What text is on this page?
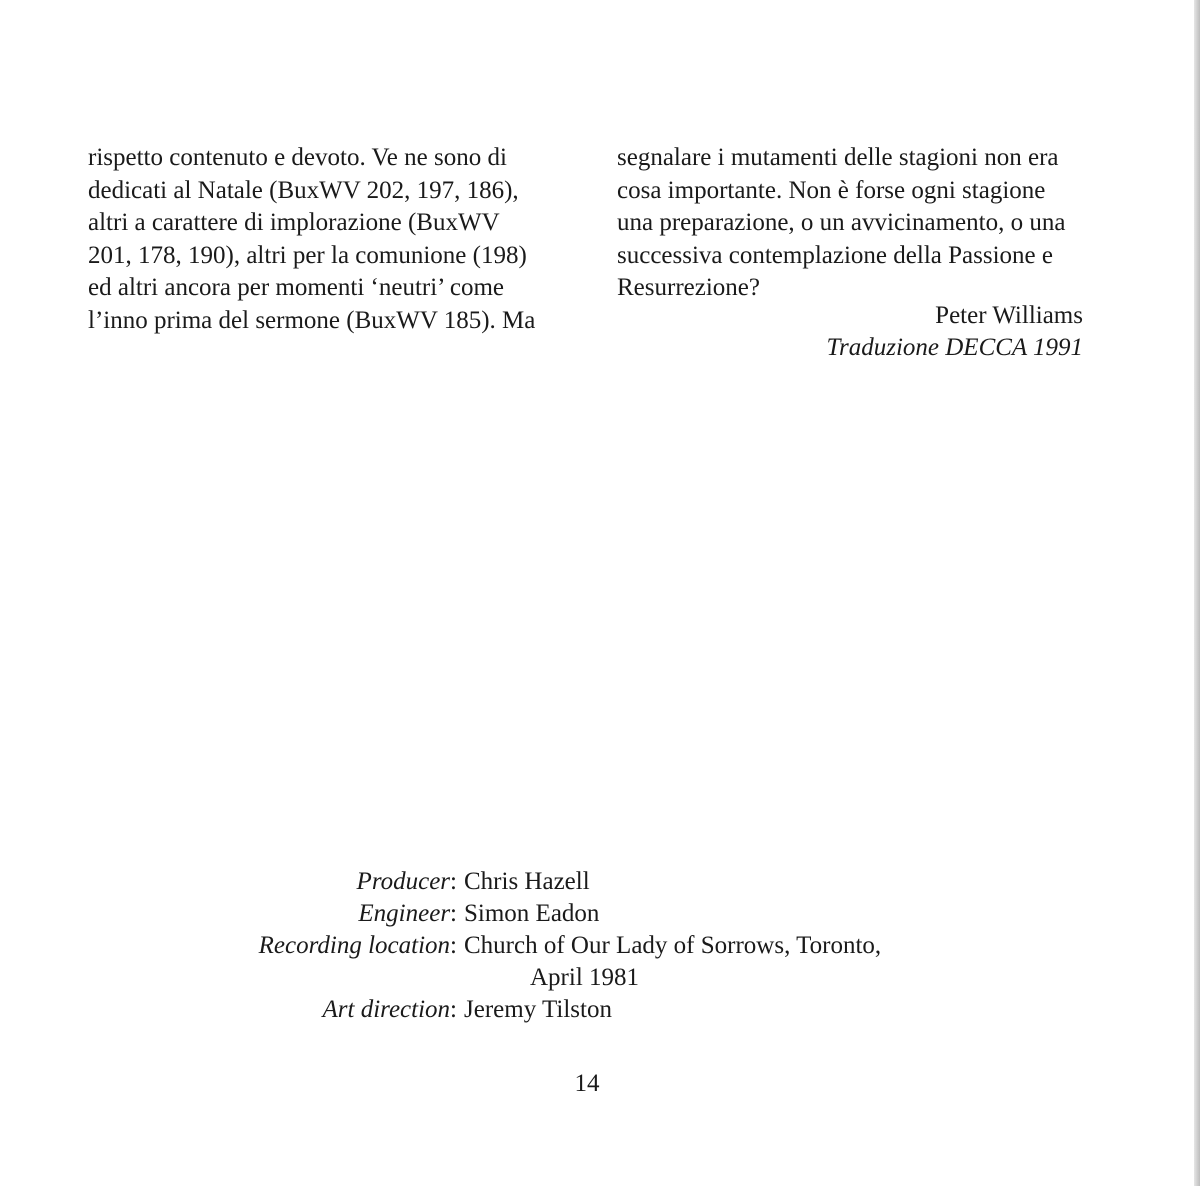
rispetto contenuto e devoto. Ve ne sono di
dedicati al Natale (BuxWV 202, 197, 186),
altri a carattere di implorazione (BuxWV
201, 178, 190), altri per la comunione (198)
ed altri ancora per momenti ‘neutri’ come
l’inno prima del sermone (BuxWV 185). Ma
segnalare i mutamenti delle stagioni non era
cosa importante. Non è forse ogni stagione
una preparazione, o un avvicinamento, o una
successiva contemplazione della Passione e
Resurrezione?
Peter Williams
Traduzione DECCA 1991
Producer: Chris Hazell
Engineer: Simon Eadon
Recording location: Church of Our Lady of Sorrows, Toronto,
April 1981
Art direction: Jeremy Tilston
14
